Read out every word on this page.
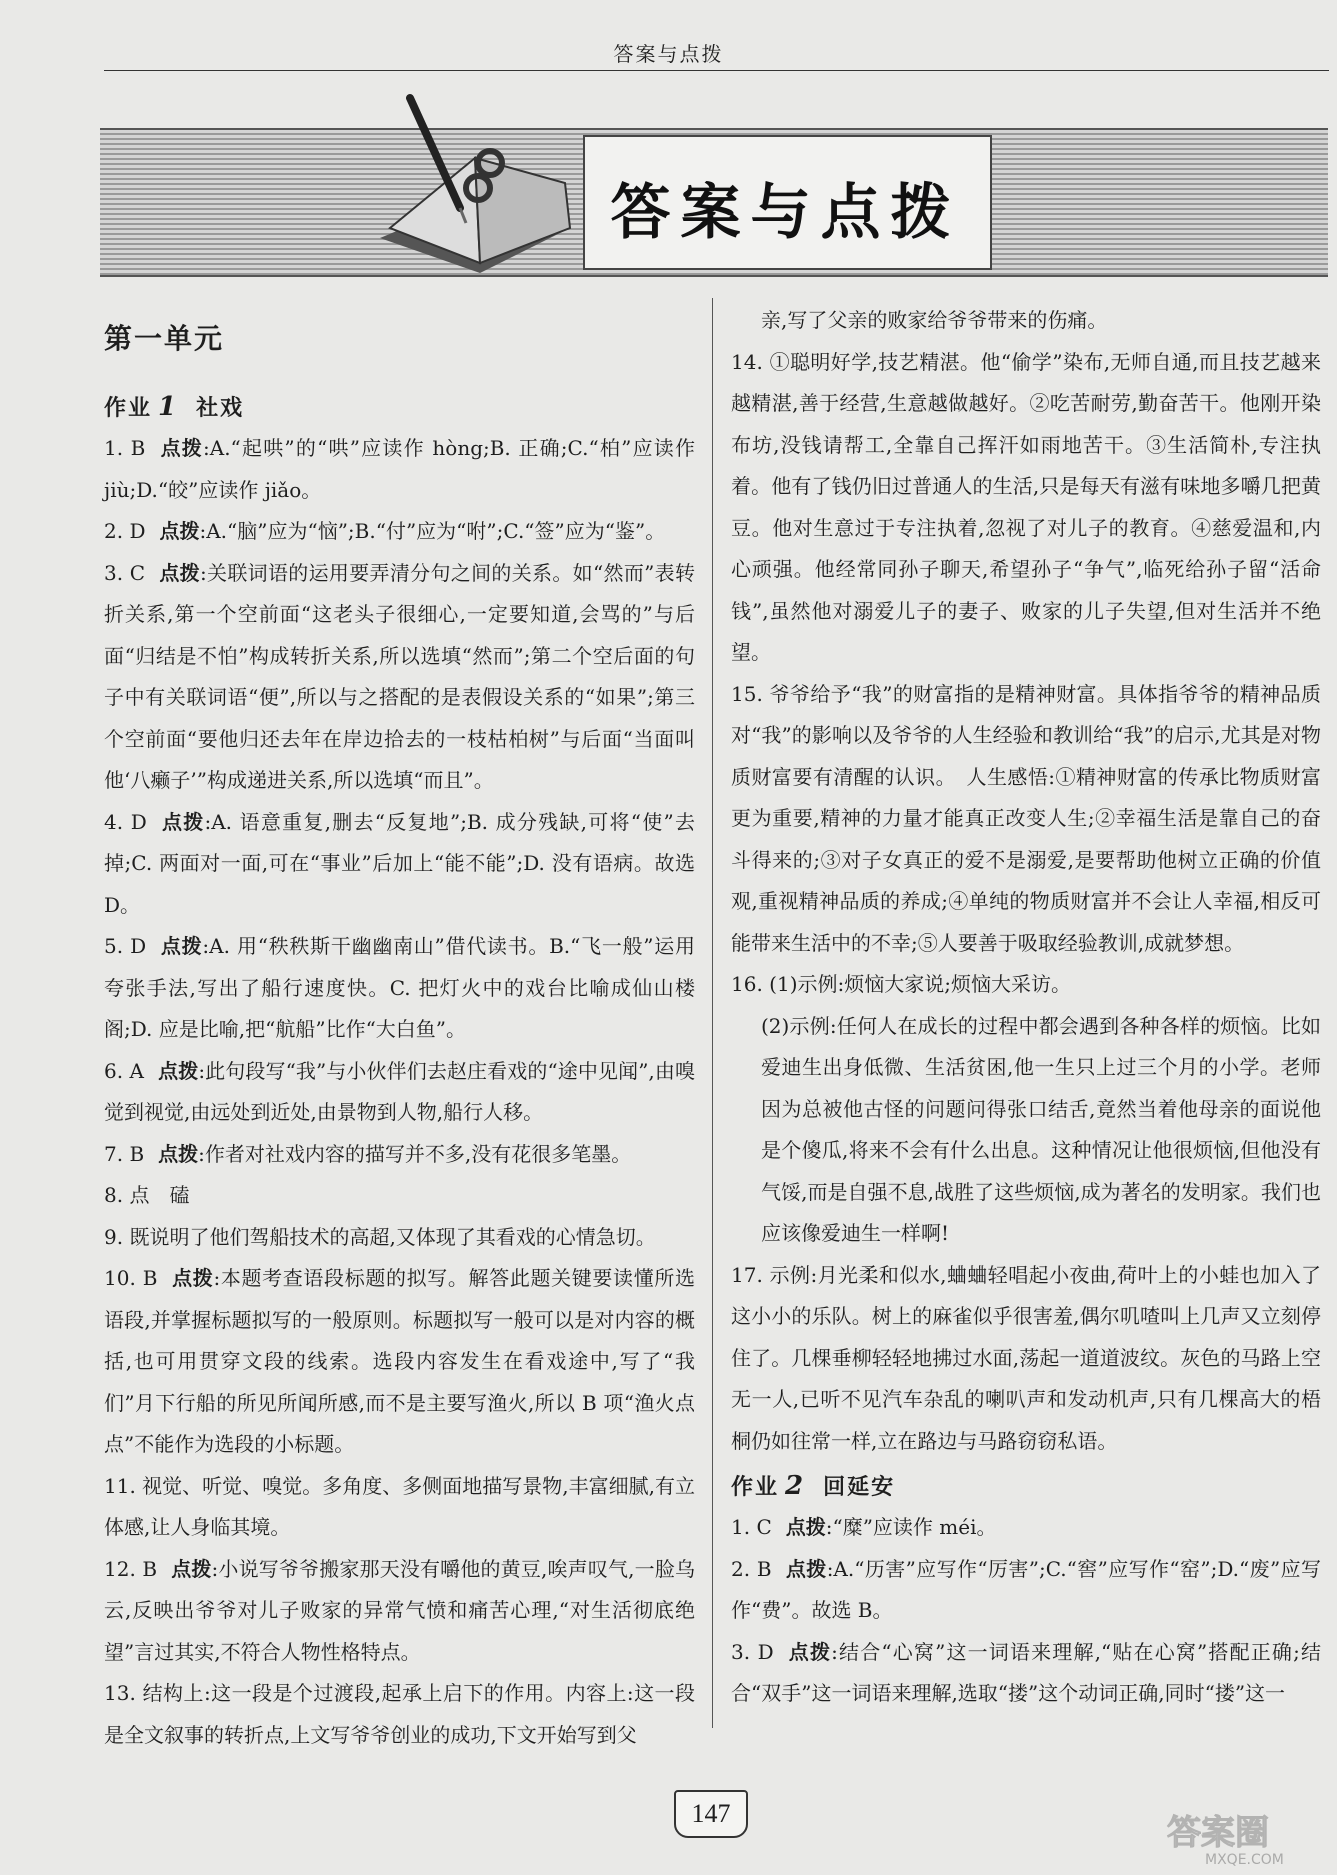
答案与点拨
答案与点拨
第一单元
作业 1 社戏
1. B 点拨:A.“起哄”的“哄”应读作 hòng;B. 正确;C.“柏”应读作 jiù;D.“皎”应读作 jiǎo。
2. D 点拨:A.“脑”应为“恼”;B.“付”应为“咐”;C.“签”应为“鉴”。
3. C 点拨:关联词语的运用要弄清分句之间的关系。如“然而”表转折关系,第一个空前面“这老头子很细心,一定要知道,会骂的”与后面“归结是不怕”构成转折关系,所以选填“然而”;第二个空后面的句子中有关联词语“便”,所以与之搭配的是表假设关系的“如果”;第三个空前面“要他归还去年在岸边拾去的一枝枯柏树”与后面“当面叫他‘八癞子’”构成递进关系,所以选填“而且”。
4. D 点拨:A. 语意重复,删去“反复地”;B. 成分残缺,可将“使”去掉;C. 两面对一面,可在“事业”后加上“能不能”;D. 没有语病。故选 D。
5. D 点拨:A. 用“秩秩斯干幽幽南山”借代读书。B.“飞一般”运用夸张手法,写出了船行速度快。C. 把灯火中的戏台比喻成仙山楼阁;D. 应是比喻,把“航船”比作“大白鱼”。
6. A 点拨:此句段写“我”与小伙伴们去赵庄看戏的“途中见闻”,由嗅觉到视觉,由远处到近处,由景物到人物,船行人移。
7. B 点拨:作者对社戏内容的描写并不多,没有花很多笔墨。
8. 点　磕
9. 既说明了他们驾船技术的高超,又体现了其看戏的心情急切。
10. B 点拨:本题考查语段标题的拟写。解答此题关键要读懂所选语段,并掌握标题拟写的一般原则。标题拟写一般可以是对内容的概括,也可用贯穿文段的线索。选段内容发生在看戏途中,写了“我们”月下行船的所见所闻所感,而不是主要写渔火,所以 B 项“渔火点点”不能作为选段的小标题。
11. 视觉、听觉、嗅觉。多角度、多侧面地描写景物,丰富细腻,有立体感,让人身临其境。
12. B 点拨:小说写爷爷搬家那天没有嚼他的黄豆,唉声叹气,一脸乌云,反映出爷爷对儿子败家的异常气愤和痛苦心理,“对生活彻底绝望”言过其实,不符合人物性格特点。
13. 结构上:这一段是个过渡段,起承上启下的作用。内容上:这一段是全文叙事的转折点,上文写爷爷创业的成功,下文开始写到父
亲,写了父亲的败家给爷爷带来的伤痛。
14. ①聪明好学,技艺精湛。他“偷学”染布,无师自通,而且技艺越来越精湛,善于经营,生意越做越好。②吃苦耐劳,勤奋苦干。他刚开染布坊,没钱请帮工,全靠自己挥汗如雨地苦干。③生活简朴,专注执着。他有了钱仍旧过普通人的生活,只是每天有滋有味地多嚼几把黄豆。他对生意过于专注执着,忽视了对儿子的教育。④慈爱温和,内心顽强。他经常同孙子聊天,希望孙子“争气”,临死给孙子留“活命钱”,虽然他对溺爱儿子的妻子、败家的儿子失望,但对生活并不绝望。
15. 爷爷给予“我”的财富指的是精神财富。具体指爷爷的精神品质对“我”的影响以及爷爷的人生经验和教训给“我”的启示,尤其是对物质财富要有清醒的认识。　人生感悟:①精神财富的传承比物质财富更为重要,精神的力量才能真正改变人生;②幸福生活是靠自己的奋斗得来的;③对子女真正的爱不是溺爱,是要帮助他树立正确的价值观,重视精神品质的养成;④单纯的物质财富并不会让人幸福,相反可能带来生活中的不幸;⑤人要善于吸取经验教训,成就梦想。
16. (1)示例:烦恼大家说;烦恼大采访。
(2)示例:任何人在成长的过程中都会遇到各种各样的烦恼。比如爱迪生出身低微、生活贫困,他一生只上过三个月的小学。老师因为总被他古怪的问题问得张口结舌,竟然当着他母亲的面说他是个傻瓜,将来不会有什么出息。这种情况让他很烦恼,但他没有气馁,而是自强不息,战胜了这些烦恼,成为著名的发明家。我们也应该像爱迪生一样啊!
17. 示例:月光柔和似水,蛐蛐轻唱起小夜曲,荷叶上的小蛙也加入了这小小的乐队。树上的麻雀似乎很害羞,偶尔叽喳叫上几声又立刻停住了。几棵垂柳轻轻地拂过水面,荡起一道道波纹。灰色的马路上空无一人,已听不见汽车杂乱的喇叭声和发动机声,只有几棵高大的梧桐仍如往常一样,立在路边与马路窃窃私语。
作业 2 回延安
1. C 点拨:“糜”应读作 méi。
2. B 点拨:A.“历害”应写作“厉害”;C.“窖”应写作“窑”;D.“废”应写作“费”。故选 B。
3. D 点拨:结合“心窝”这一词语来理解,“贴在心窝”搭配正确;结合“双手”这一词语来理解,选取“搂”这个动词正确,同时“搂”这一
147	答案圈
MXQE.COM
